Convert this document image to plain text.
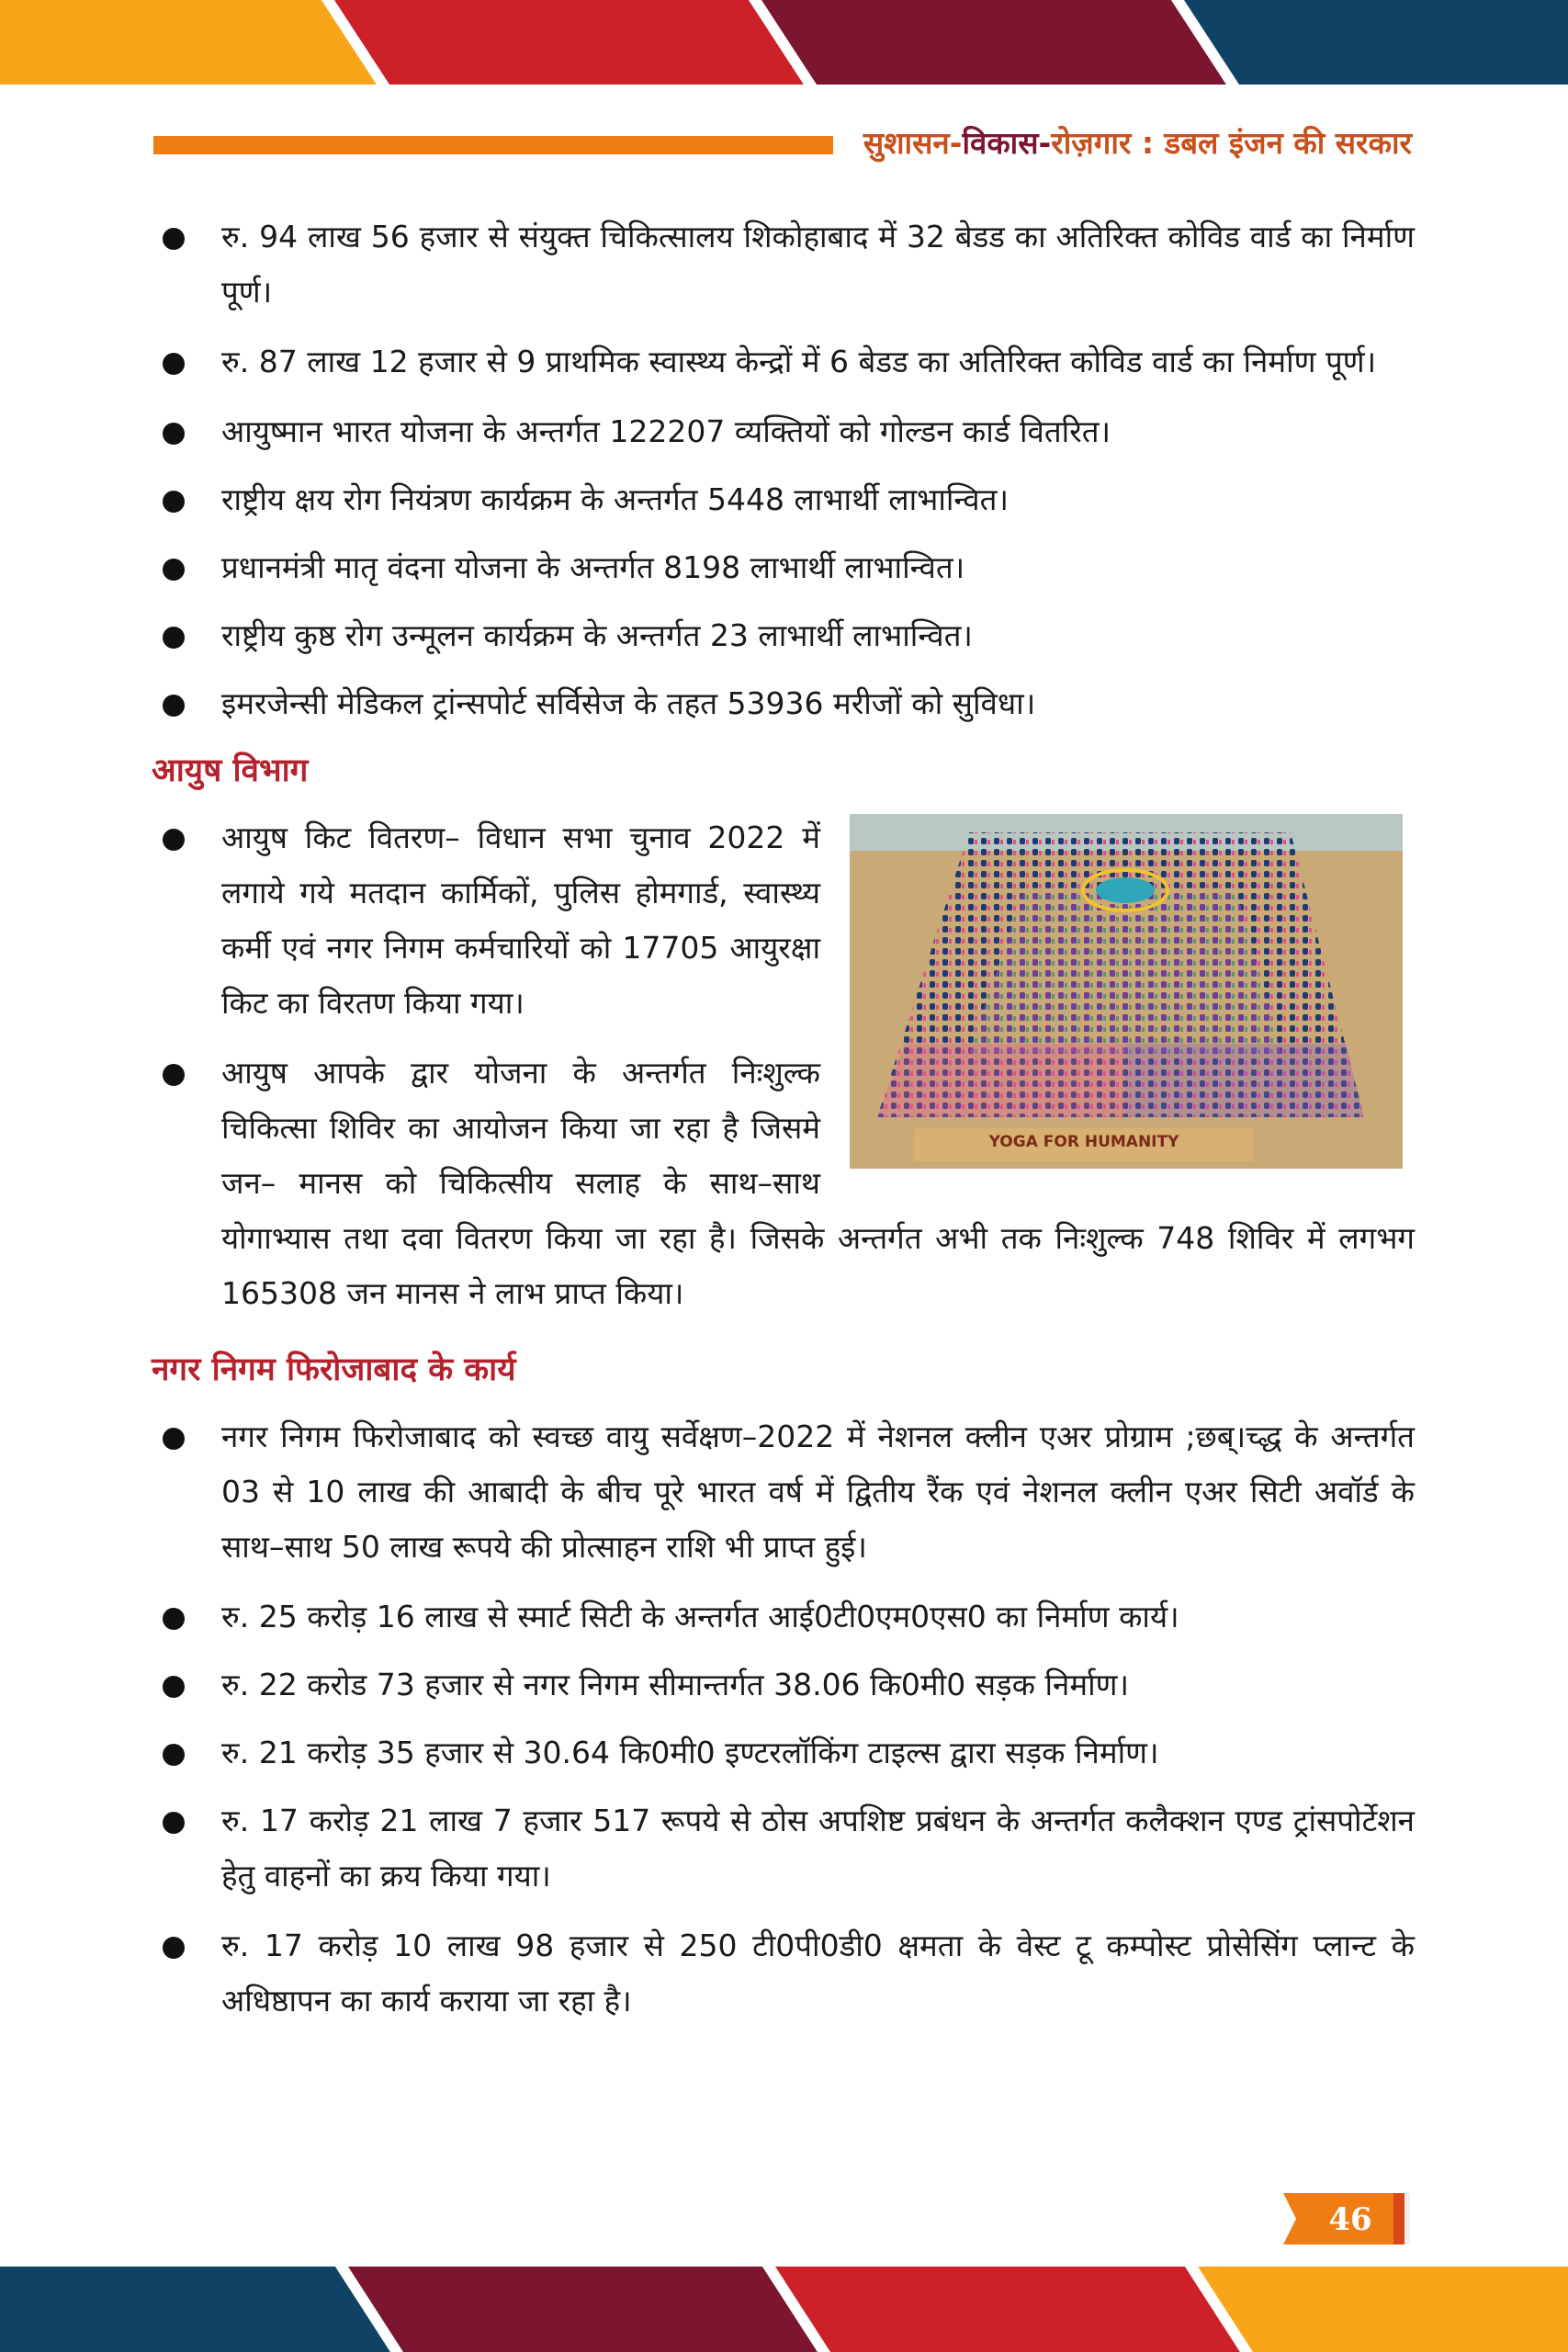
सुशासन-विकास-रोज़गार : डबल इंजन की सरकार
रु. 94 लाख 56 हजार से संयुक्त चिकित्सालय शिकोहाबाद में 32 बेडड का अतिरिक्त कोविड वार्ड का निर्माण पूर्ण।
रु. 87 लाख 12 हजार से 9 प्राथमिक स्वास्थ्य केन्द्रों में 6 बेडड का अतिरिक्त कोविड वार्ड का निर्माण पूर्ण।
आयुष्मान भारत योजना के अन्तर्गत 122207 व्यक्तियों को गोल्डन कार्ड वितरित।
राष्ट्रीय क्षय रोग नियंत्रण कार्यक्रम के अन्तर्गत 5448 लाभार्थी लाभान्वित।
प्रधानमंत्री मातृ वंदना योजना के अन्तर्गत 8198 लाभार्थी लाभान्वित।
राष्ट्रीय कुष्ठ रोग उन्मूलन कार्यक्रम के अन्तर्गत 23 लाभार्थी लाभान्वित।
इमरजेन्सी मेडिकल ट्रांन्सपोर्ट सर्विसेज के तहत 53936 मरीजों को सुविधा।
आयुष विभाग
YOGA FOR HUMANITY
आयुष किट वितरण– विधान सभा चुनाव 2022 में लगाये गये मतदान कार्मिकों, पुलिस होमगार्ड, स्वास्थ्य कर्मी एवं नगर निगम कर्मचारियों को 17705 आयुरक्षा किट का विरतण किया गया।
आयुष आपके द्वार योजना के अन्तर्गत निःशुल्क चिकित्सा शिविर का आयोजन किया जा रहा है जिसमे जन– मानस को चिकित्सीय सलाह के साथ–साथ योगाभ्यास तथा दवा वितरण किया जा रहा है। जिसके अन्तर्गत अभी तक निःशुल्क 748 शिविर में लगभग 165308 जन मानस ने लाभ प्राप्त किया।
नगर निगम फिरोजाबाद के कार्य
नगर निगम फिरोजाबाद को स्वच्छ वायु सर्वेक्षण–2022 में नेशनल क्लीन एअर प्रोग्राम ;छब्।च्द्ध के अन्तर्गत 03 से 10 लाख की आबादी के बीच पूरे भारत वर्ष में द्वितीय रैंक एवं नेशनल क्लीन एअर सिटी अवॉर्ड के साथ–साथ 50 लाख रूपये की प्रोत्साहन राशि भी प्राप्त हुई।
रु. 25 करोड़ 16 लाख से स्मार्ट सिटी के अन्तर्गत आई0टी0एम0एस0 का निर्माण कार्य।
रु. 22 करोड 73 हजार से नगर निगम सीमान्तर्गत 38.06 कि0मी0 सड़क निर्माण।
रु. 21 करोड़ 35 हजार से 30.64 कि0मी0 इण्टरलॉकिंग टाइल्स द्वारा सड़क निर्माण।
रु. 17 करोड़ 21 लाख 7 हजार 517 रूपये से ठोस अपशिष्ट प्रबंधन के अन्तर्गत कलैक्शन एण्ड ट्रांसपोर्टेशन हेतु वाहनों का क्रय किया गया।
रु. 17 करोड़ 10 लाख 98 हजार से 250 टी0पी0डी0 क्षमता के वेस्ट टू कम्पोस्ट प्रोसेसिंग प्लान्ट के अधिष्ठापन का कार्य कराया जा रहा है।
46
